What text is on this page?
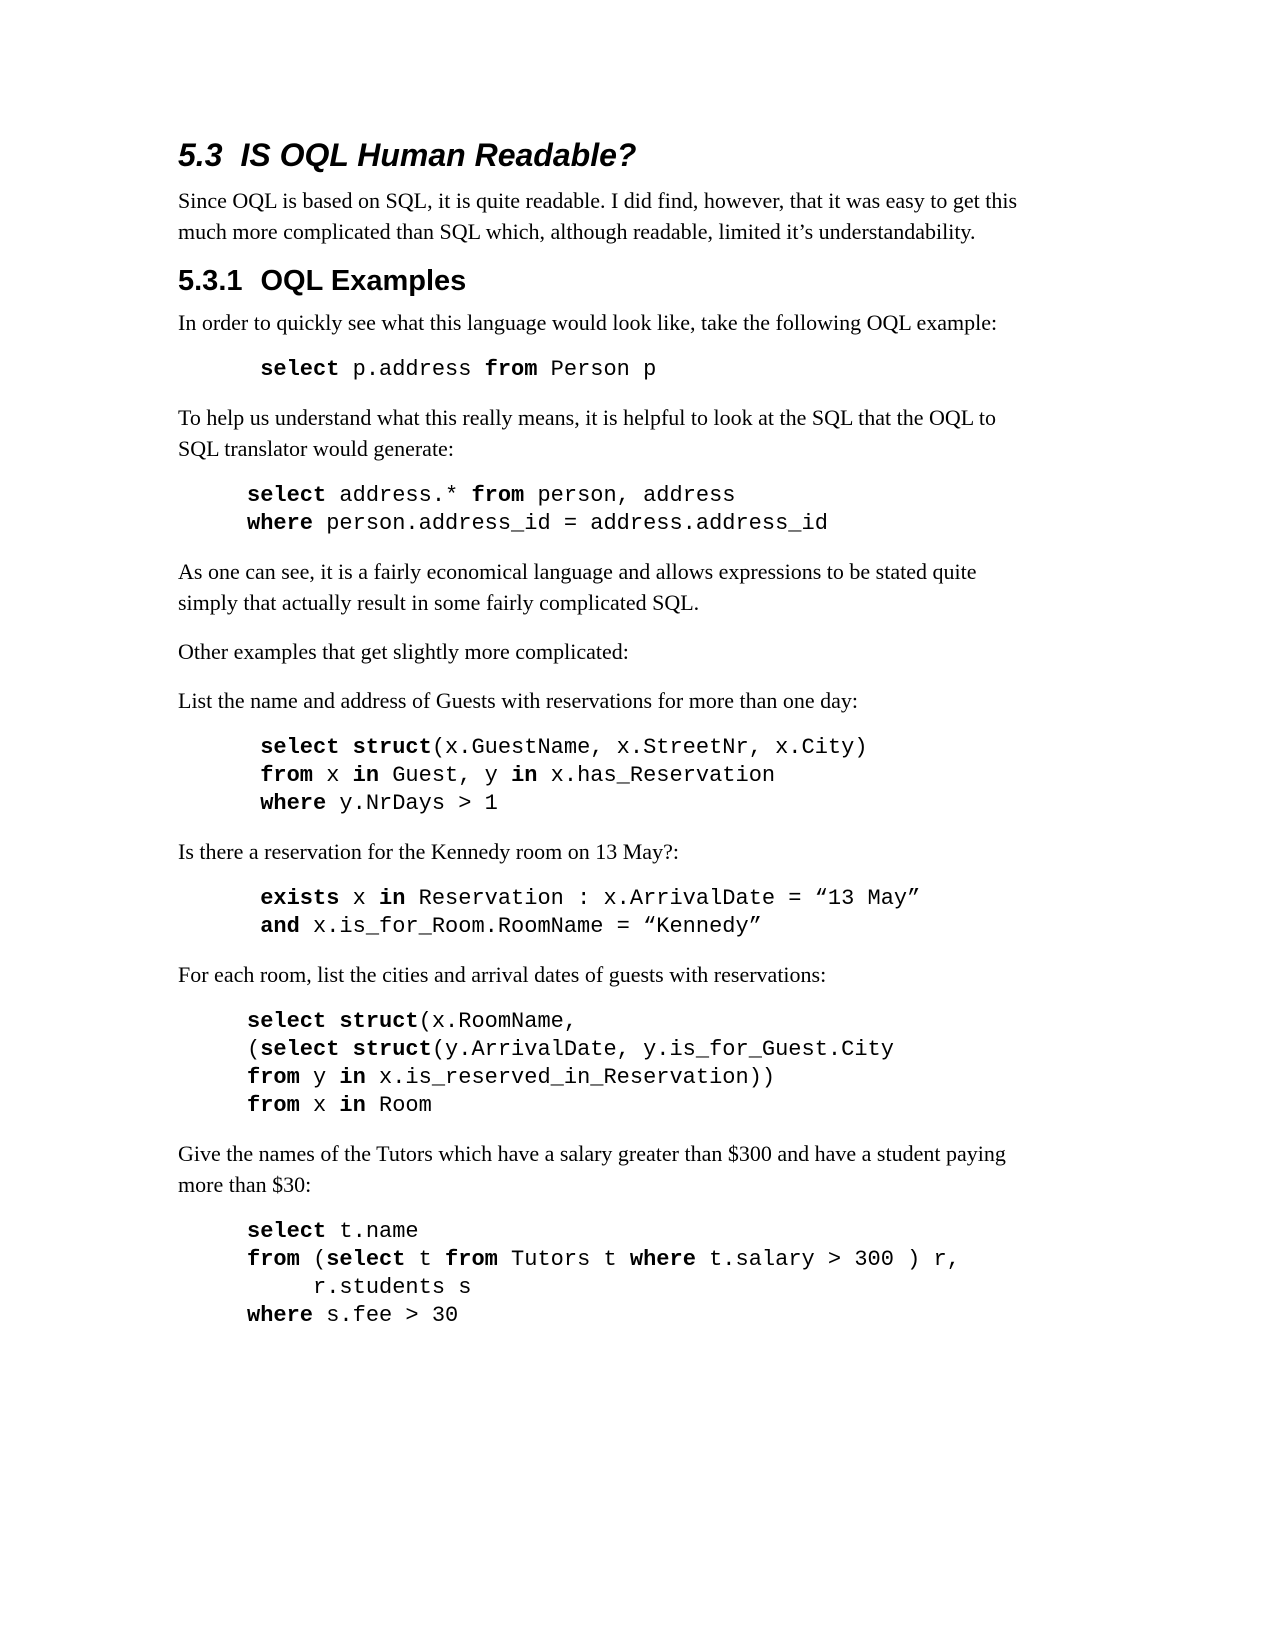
5.3 IS OQL Human Readable?

Since OQL is based on SQL, it is quite readable. I did find, however, that it was easy to get this much more complicated than SQL which, although readable, limited it’s understandability.

5.3.1 OQL Examples

In order to quickly see what this language would look like, take the following OQL example:

select p.address from Person p

To help us understand what this really means, it is helpful to look at the SQL that the OQL to SQL translator would generate:

select address.* from person, address
where person.address_id = address.address_id

As one can see, it is a fairly economical language and allows expressions to be stated quite simply that actually result in some fairly complicated SQL.

Other examples that get slightly more complicated:

List the name and address of Guests with reservations for more than one day:

select struct(x.GuestName, x.StreetNr, x.City)
from x in Guest, y in x.has_Reservation
where y.NrDays > 1

Is there a reservation for the Kennedy room on 13 May?:

exists x in Reservation : x.ArrivalDate = “13 May”
and x.is_for_Room.RoomName = “Kennedy”

For each room, list the cities and arrival dates of guests with reservations:

select struct(x.RoomName,
(select struct(y.ArrivalDate, y.is_for_Guest.City
from y in x.is_reserved_in_Reservation))
from x in Room

Give the names of the Tutors which have a salary greater than $300 and have a student paying more than $30:

select t.name
from (select t from Tutors t where t.salary > 300 ) r,
r.students s
where s.fee > 30
